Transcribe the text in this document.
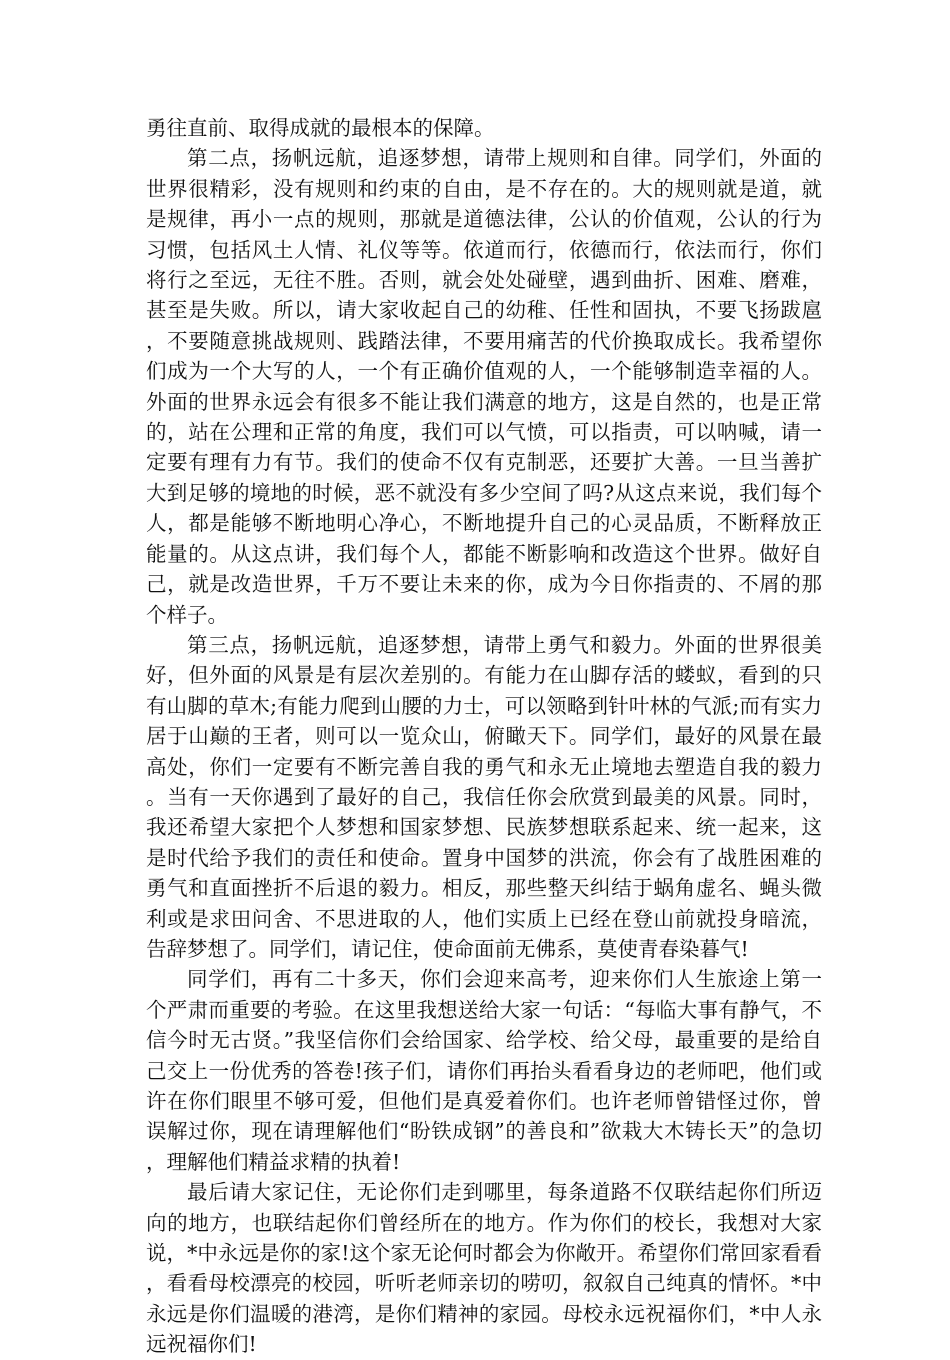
勇往直前、取得成就的最根本的保障。

第二点，扬帆远航，追逐梦想，请带上规则和自律。同学们，外面的世界很精彩，没有规则和约束的自由，是不存在的。大的规则就是道，就是规律，再小一点的规则，那就是道德法律，公认的价值观，公认的行为习惯，包括风土人情、礼仪等等。依道而行，依德而行，依法而行，你们将行之至远，无往不胜。否则，就会处处碰壁，遇到曲折、困难、磨难，甚至是失败。所以，请大家收起自己的幼稚、任性和固执，不要飞扬跋扈，不要随意挑战规则、践踏法律，不要用痛苦的代价换取成长。我希望你们成为一个大写的人，一个有正确价值观的人，一个能够制造幸福的人。外面的世界永远会有很多不能让我们满意的地方，这是自然的，也是正常的，站在公理和正常的角度，我们可以气愤，可以指责，可以呐喊，请一定要有理有力有节。我们的使命不仅有克制恶，还要扩大善。一旦当善扩大到足够的境地的时候，恶不就没有多少空间了吗?从这点来说，我们每个人，都是能够不断地明心净心，不断地提升自己的心灵品质，不断释放正能量的。从这点讲，我们每个人，都能不断影响和改造这个世界。做好自己，就是改造世界，千万不要让未来的你，成为今日你指责的、不屑的那个样子。

第三点，扬帆远航，追逐梦想，请带上勇气和毅力。外面的世界很美好，但外面的风景是有层次差别的。有能力在山脚存活的蝼蚁，看到的只有山脚的草木;有能力爬到山腰的力士，可以领略到针叶林的气派;而有实力居于山巅的王者，则可以一览众山，俯瞰天下。同学们，最好的风景在最高处，你们一定要有不断完善自我的勇气和永无止境地去塑造自我的毅力。当有一天你遇到了最好的自己，我信任你会欣赏到最美的风景。同时，我还希望大家把个人梦想和国家梦想、民族梦想联系起来、统一起来，这是时代给予我们的责任和使命。置身中国梦的洪流，你会有了战胜困难的勇气和直面挫折不后退的毅力。相反，那些整天纠结于蜗角虚名、蝇头微利或是求田问舍、不思进取的人，他们实质上已经在登山前就投身暗流，告辞梦想了。同学们，请记住，使命面前无佛系，莫使青春染暮气!

同学们，再有二十多天，你们会迎来高考，迎来你们人生旅途上第一个严肃而重要的考验。在这里我想送给大家一句话：“每临大事有静气，不信今时无古贤。”我坚信你们会给国家、给学校、给父母，最重要的是给自己交上一份优秀的答卷!孩子们，请你们再抬头看看身边的老师吧，他们或许在你们眼里不够可爱，但他们是真爱着你们。也许老师曾错怪过你，曾误解过你，现在请理解他们“盼铁成钢”的善良和”欲栽大木铸长天”的急切，理解他们精益求精的执着!

最后请大家记住，无论你们走到哪里，每条道路不仅联结起你们所迈向的地方，也联结起你们曾经所在的地方。作为你们的校长，我想对大家说，*中永远是你的家!这个家无论何时都会为你敞开。希望你们常回家看看，看看母校漂亮的校园，听听老师亲切的唠叨，叙叙自己纯真的情怀。*中永远是你们温暖的港湾，是你们精神的家园。母校永远祝福你们，*中人永远祝福你们!
